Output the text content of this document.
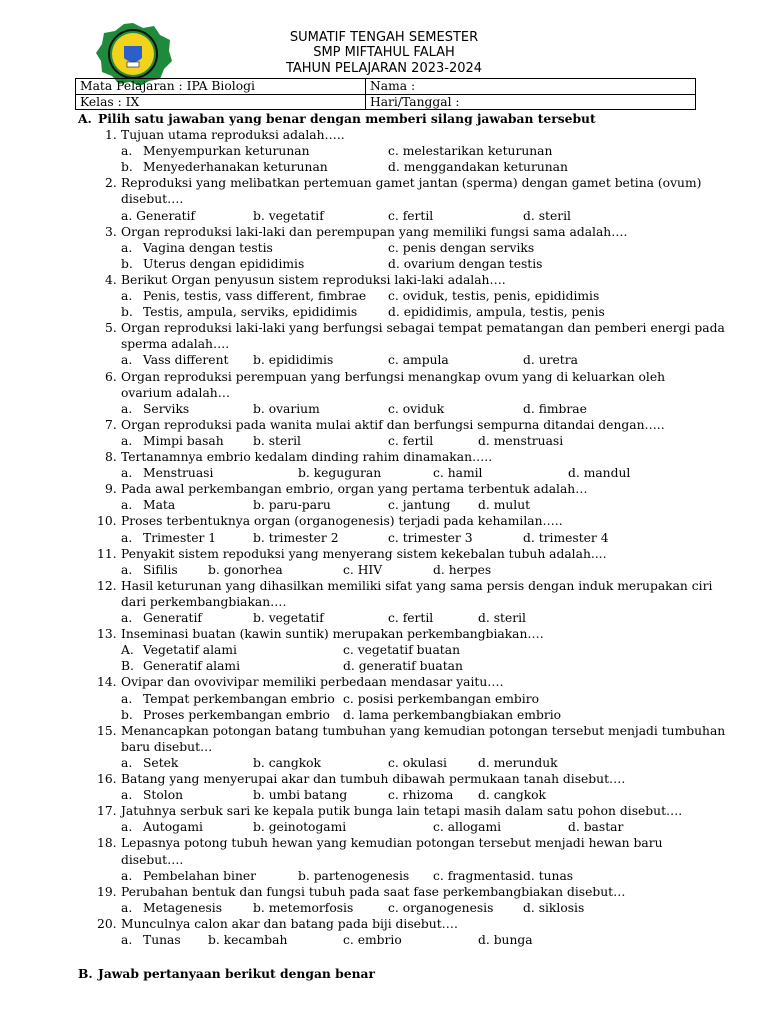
SUMATIF TENGAH SEMESTER
SMP MIFTAHUL FALAH
TAHUN PELAJARAN 2023-2024
Mata Pelajaran : IPA Biologi	Nama :
Kelas : IX	Hari/Tanggal :
A. Pilih satu jawaban yang benar dengan memberi silang jawaban tersebut
1. Tujuan utama reproduksi adalah…..
a. Menyempurkan keturunan	c. melestarikan keturunan
b. Menyederhanakan keturunan	d. menggandakan keturunan
2. Reproduksi yang melibatkan pertemuan gamet jantan (sperma) dengan gamet betina (ovum)
disebut….
a. Generatif	b. vegetatif	c. fertil	d. steril
3. Organ reproduksi laki-laki dan perempupan yang memiliki fungsi sama adalah….
a. Vagina dengan testis	c. penis dengan serviks
b. Uterus dengan epididimis	d. ovarium dengan testis
4. Berikut Organ penyusun sistem reproduksi laki-laki adalah….
a. Penis, testis, vass different, fimbrae c. oviduk, testis, penis, epididimis
b. Testis, ampula, serviks, epididimis	d. epididimis, ampula, testis, penis
5. Organ reproduksi laki-laki yang berfungsi sebagai tempat pematangan dan pemberi energi pada
sperma adalah….
a. Vass different b. epididimis	c. ampula	d. uretra
6. Organ reproduksi perempuan yang berfungsi menangkap ovum yang di keluarkan oleh
ovarium adalah…
a. Serviks	b. ovarium	c. oviduk	d. fimbrae
7. Organ reproduksi pada wanita mulai aktif dan berfungsi sempurna ditandai dengan…..
a. Mimpi basah b. steril	c. fertil	d. menstruasi
8. Tertanamnya embrio kedalam dinding rahim dinamakan…..
a. Menstruasi	b. keguguran	c. hamil	d. mandul
9. Pada awal perkembangan embrio, organ yang pertama terbentuk adalah…
a. Mata	b. paru-paru	c. jantung d. mulut
10. Proses terbentuknya organ (organogenesis) terjadi pada kehamilan…..
a. Trimester 1	b. trimester 2	c. trimester 3	d. trimester 4
11. Penyakit sistem repoduksi yang menyerang sistem kekebalan tubuh adalah....
a. Sifilis b. gonorhea	c. HIV	d. herpes
12. Hasil keturunan yang dihasilkan memiliki sifat yang sama persis dengan induk merupakan ciri
dari perkembangbiakan….
a. Generatif	b. vegetatif	c. fertil	d. steril
13. Inseminasi buatan (kawin suntik) merupakan perkembangbiakan….
A. Vegetatif alami	c. vegetatif buatan
B. Generatif alami	d. generatif buatan
14. Ovipar dan ovovivipar memiliki perbedaan mendasar yaitu….
a. Tempat perkembangan embrio c. posisi perkembangan embiro
b. Proses perkembangan embrio d. lama perkembangbiakan embrio
15. Menancapkan potongan batang tumbuhan yang kemudian potongan tersebut menjadi tumbuhan
baru disebut…
a. Setek	b. cangkok	c. okulasi	d. merunduk
16. Batang yang menyerupai akar dan tumbuh dibawah permukaan tanah disebut….
a. Stolon	b. umbi batang	c. rhizoma d. cangkok
17. Jatuhnya serbuk sari ke kepala putik bunga lain tetapi masih dalam satu pohon disebut….
a. Autogami	b. geinotogami	c. allogami	d. bastar
18. Lepasnya potong tubuh hewan yang kemudian potongan tersebut menjadi hewan baru
disebut….
a. Pembelahan biner	b. partenogenesis c. fragmentasi d. tunas
19. Perubahan bentuk dan fungsi tubuh pada saat fase perkembangbiakan disebut…
a. Metagenesis	b. metemorfosis	c. organogenesis d. siklosis
20. Munculnya calon akar dan batang pada biji disebut….
a. Tunas b. kecambah	c. embrio	d. bunga
B. Jawab pertanyaan berikut dengan benar
